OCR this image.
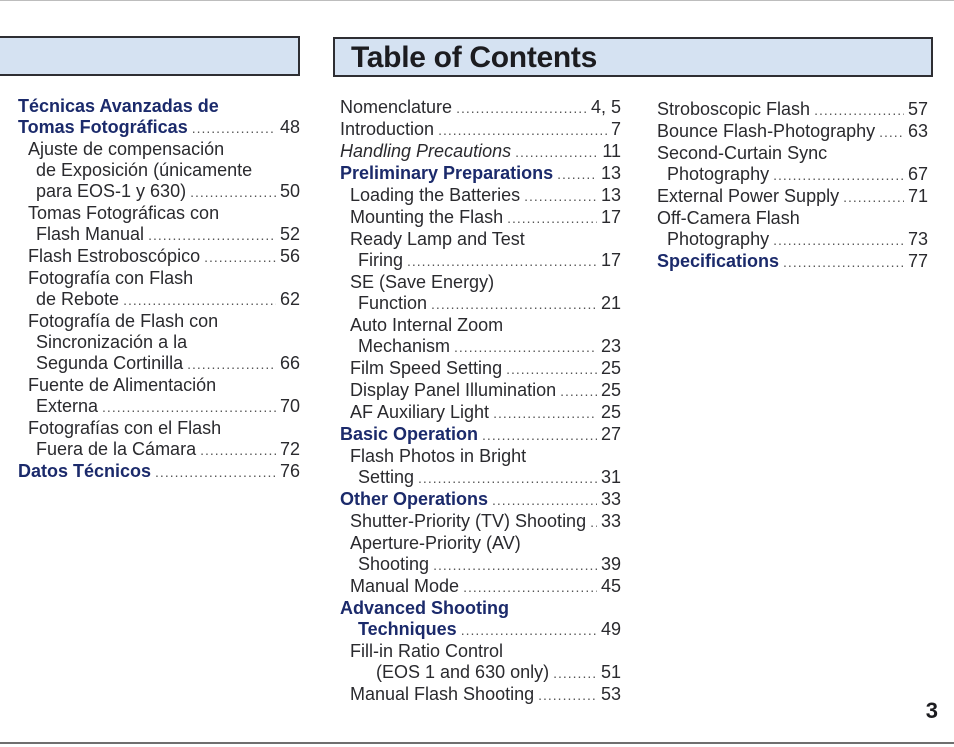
Table of Contents
Técnicas Avanzadas de
Tomas Fotográficas .....	48
Ajuste de compensación
de Exposición (únicamente
para EOS-1 y 630) .....	50
Tomas Fotográficas con
Flash Manual .....	52
Flash Estroboscópico .....	56
Fotografía con Flash
de Rebote .....	62
Fotografía de Flash con
Sincronización a la
Segunda Cortinilla .....	66
Fuente de Alimentación
Externa .....	70
Fotografías con el Flash
Fuera de la Cámara .....	72
Datos Técnicos .....	76
Nomenclature .....	4, 5
Introduction .....	7
Handling Precautions .....	11
Preliminary Preparations .....	13
Loading the Batteries .....	13
Mounting the Flash .....	17
Ready Lamp and Test
Firing .....	17
SE (Save Energy)
Function .....	21
Auto Internal Zoom
Mechanism .....	23
Film Speed Setting .....	25
Display Panel Illumination ..... 25
AF Auxiliary Light .....	25
Basic Operation .....	27
Flash Photos in Bright
Setting .....	31
Other Operations .....	33
Shutter-Priority (TV) Shooting ..... 33
Aperture-Priority (AV)
Shooting .....	39
Manual Mode .....	45
Advanced Shooting
Techniques .....	49
Fill-in Ratio Control
(EOS 1 and 630 only) .....	51
Manual Flash Shooting .....	53
Stroboscopic Flash .....	57
Bounce Flash-Photography ..... 63
Second-Curtain Sync
Photography .....	67
External Power Supply .....	71
Off-Camera Flash
Photography .....	73
Specifications .....	77
3
